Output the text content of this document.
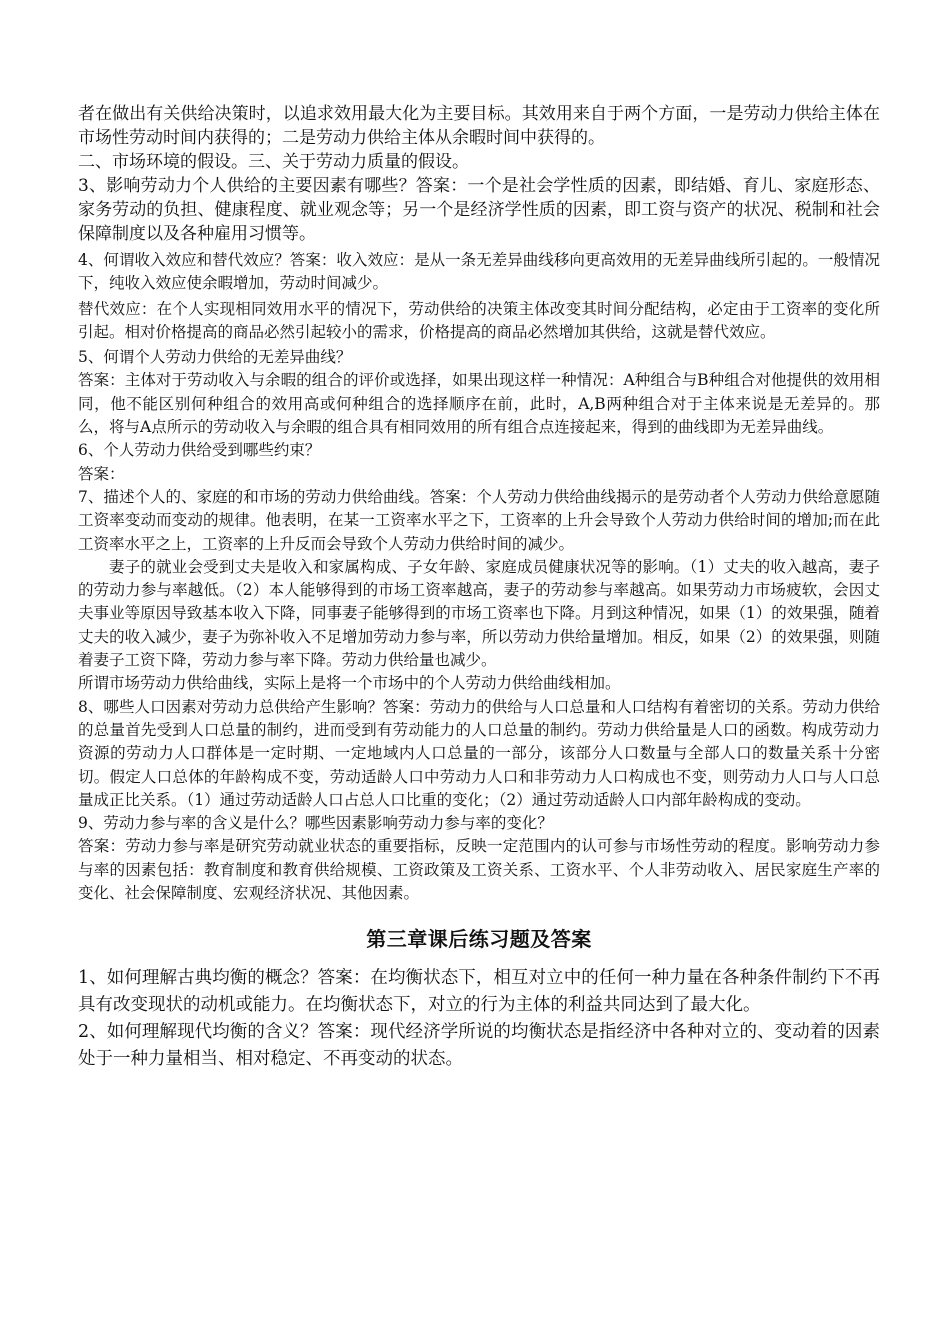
者在做出有关供给决策时，以追求效用最大化为主要目标。其效用来自于两个方面，一是劳动力供给主体在市场性劳动时间内获得的；二是劳动力供给主体从余暇时间中获得的。

二、市场环境的假设。三、关于劳动力质量的假设。

3、影响劳动力个人供给的主要因素有哪些？答案：一个是社会学性质的因素，即结婚、育儿、家庭形态、家务劳动的负担、健康程度、就业观念等；另一个是经济学性质的因素，即工资与资产的状况、税制和社会保障制度以及各种雇用习惯等。

4、何谓收入效应和替代效应？答案：收入效应：是从一条无差异曲线移向更高效用的无差异曲线所引起的。一般情况下，纯收入效应使余暇增加，劳动时间减少。

替代效应：在个人实现相同效用水平的情况下，劳动供给的决策主体改变其时间分配结构，必定由于工资率的变化所引起。相对价格提高的商品必然引起较小的需求，价格提高的商品必然增加其供给，这就是替代效应。

5、何谓个人劳动力供给的无差异曲线？

答案：主体对于劳动收入与余暇的组合的评价或选择，如果出现这样一种情况：A种组合与B种组合对他提供的效用相同，他不能区别何种组合的效用高或何种组合的选择顺序在前，此时，A,B两种组合对于主体来说是无差异的。那么，将与A点所示的劳动收入与余暇的组合具有相同效用的所有组合点连接起来，得到的曲线即为无差异曲线。

6、个人劳动力供给受到哪些约束？

答案：

7、描述个人的、家庭的和市场的劳动力供给曲线。答案：个人劳动力供给曲线揭示的是劳动者个人劳动力供给意愿随工资率变动而变动的规律。他表明，在某一工资率水平之下，工资率的上升会导致个人劳动力供给时间的增加;而在此工资率水平之上，工资率的上升反而会导致个人劳动力供给时间的减少。

妻子的就业会受到丈夫是收入和家属构成、子女年龄、家庭成员健康状况等的影响。（1）丈夫的收入越高，妻子的劳动力参与率越低。（2）本人能够得到的市场工资率越高，妻子的劳动参与率越高。如果劳动力市场疲软，会因丈夫事业等原因导致基本收入下降，同事妻子能够得到的市场工资率也下降。月到这种情况，如果（1）的效果强，随着丈夫的收入减少，妻子为弥补收入不足增加劳动力参与率，所以劳动力供给量增加。相反，如果（2）的效果强，则随着妻子工资下降，劳动力参与率下降。劳动力供给量也减少。

所谓市场劳动力供给曲线，实际上是将一个市场中的个人劳动力供给曲线相加。

8、哪些人口因素对劳动力总供给产生影响？答案：劳动力的供给与人口总量和人口结构有着密切的关系。劳动力供给的总量首先受到人口总量的制约，进而受到有劳动能力的人口总量的制约。劳动力供给量是人口的函数。构成劳动力资源的劳动力人口群体是一定时期、一定地域内人口总量的一部分，该部分人口数量与全部人口的数量关系十分密切。假定人口总体的年龄构成不变，劳动适龄人口中劳动力人口和非劳动力人口构成也不变，则劳动力人口与人口总量成正比关系。（1）通过劳动适龄人口占总人口比重的变化；（2）通过劳动适龄人口内部年龄构成的变动。

9、劳动力参与率的含义是什么？哪些因素影响劳动力参与率的变化？

答案：劳动力参与率是研究劳动就业状态的重要指标，反映一定范围内的认可参与市场性劳动的程度。影响劳动力参与率的因素包括：教育制度和教育供给规模、工资政策及工资关系、工资水平、个人非劳动收入、居民家庭生产率的变化、社会保障制度、宏观经济状况、其他因素。

第三章课后练习题及答案

1、如何理解古典均衡的概念？答案：在均衡状态下，相互对立中的任何一种力量在各种条件制约下不再具有改变现状的动机或能力。在均衡状态下，对立的行为主体的利益共同达到了最大化。

2、如何理解现代均衡的含义？答案：现代经济学所说的均衡状态是指经济中各种对立的、变动着的因素处于一种力量相当、相对稳定、不再变动的状态。
